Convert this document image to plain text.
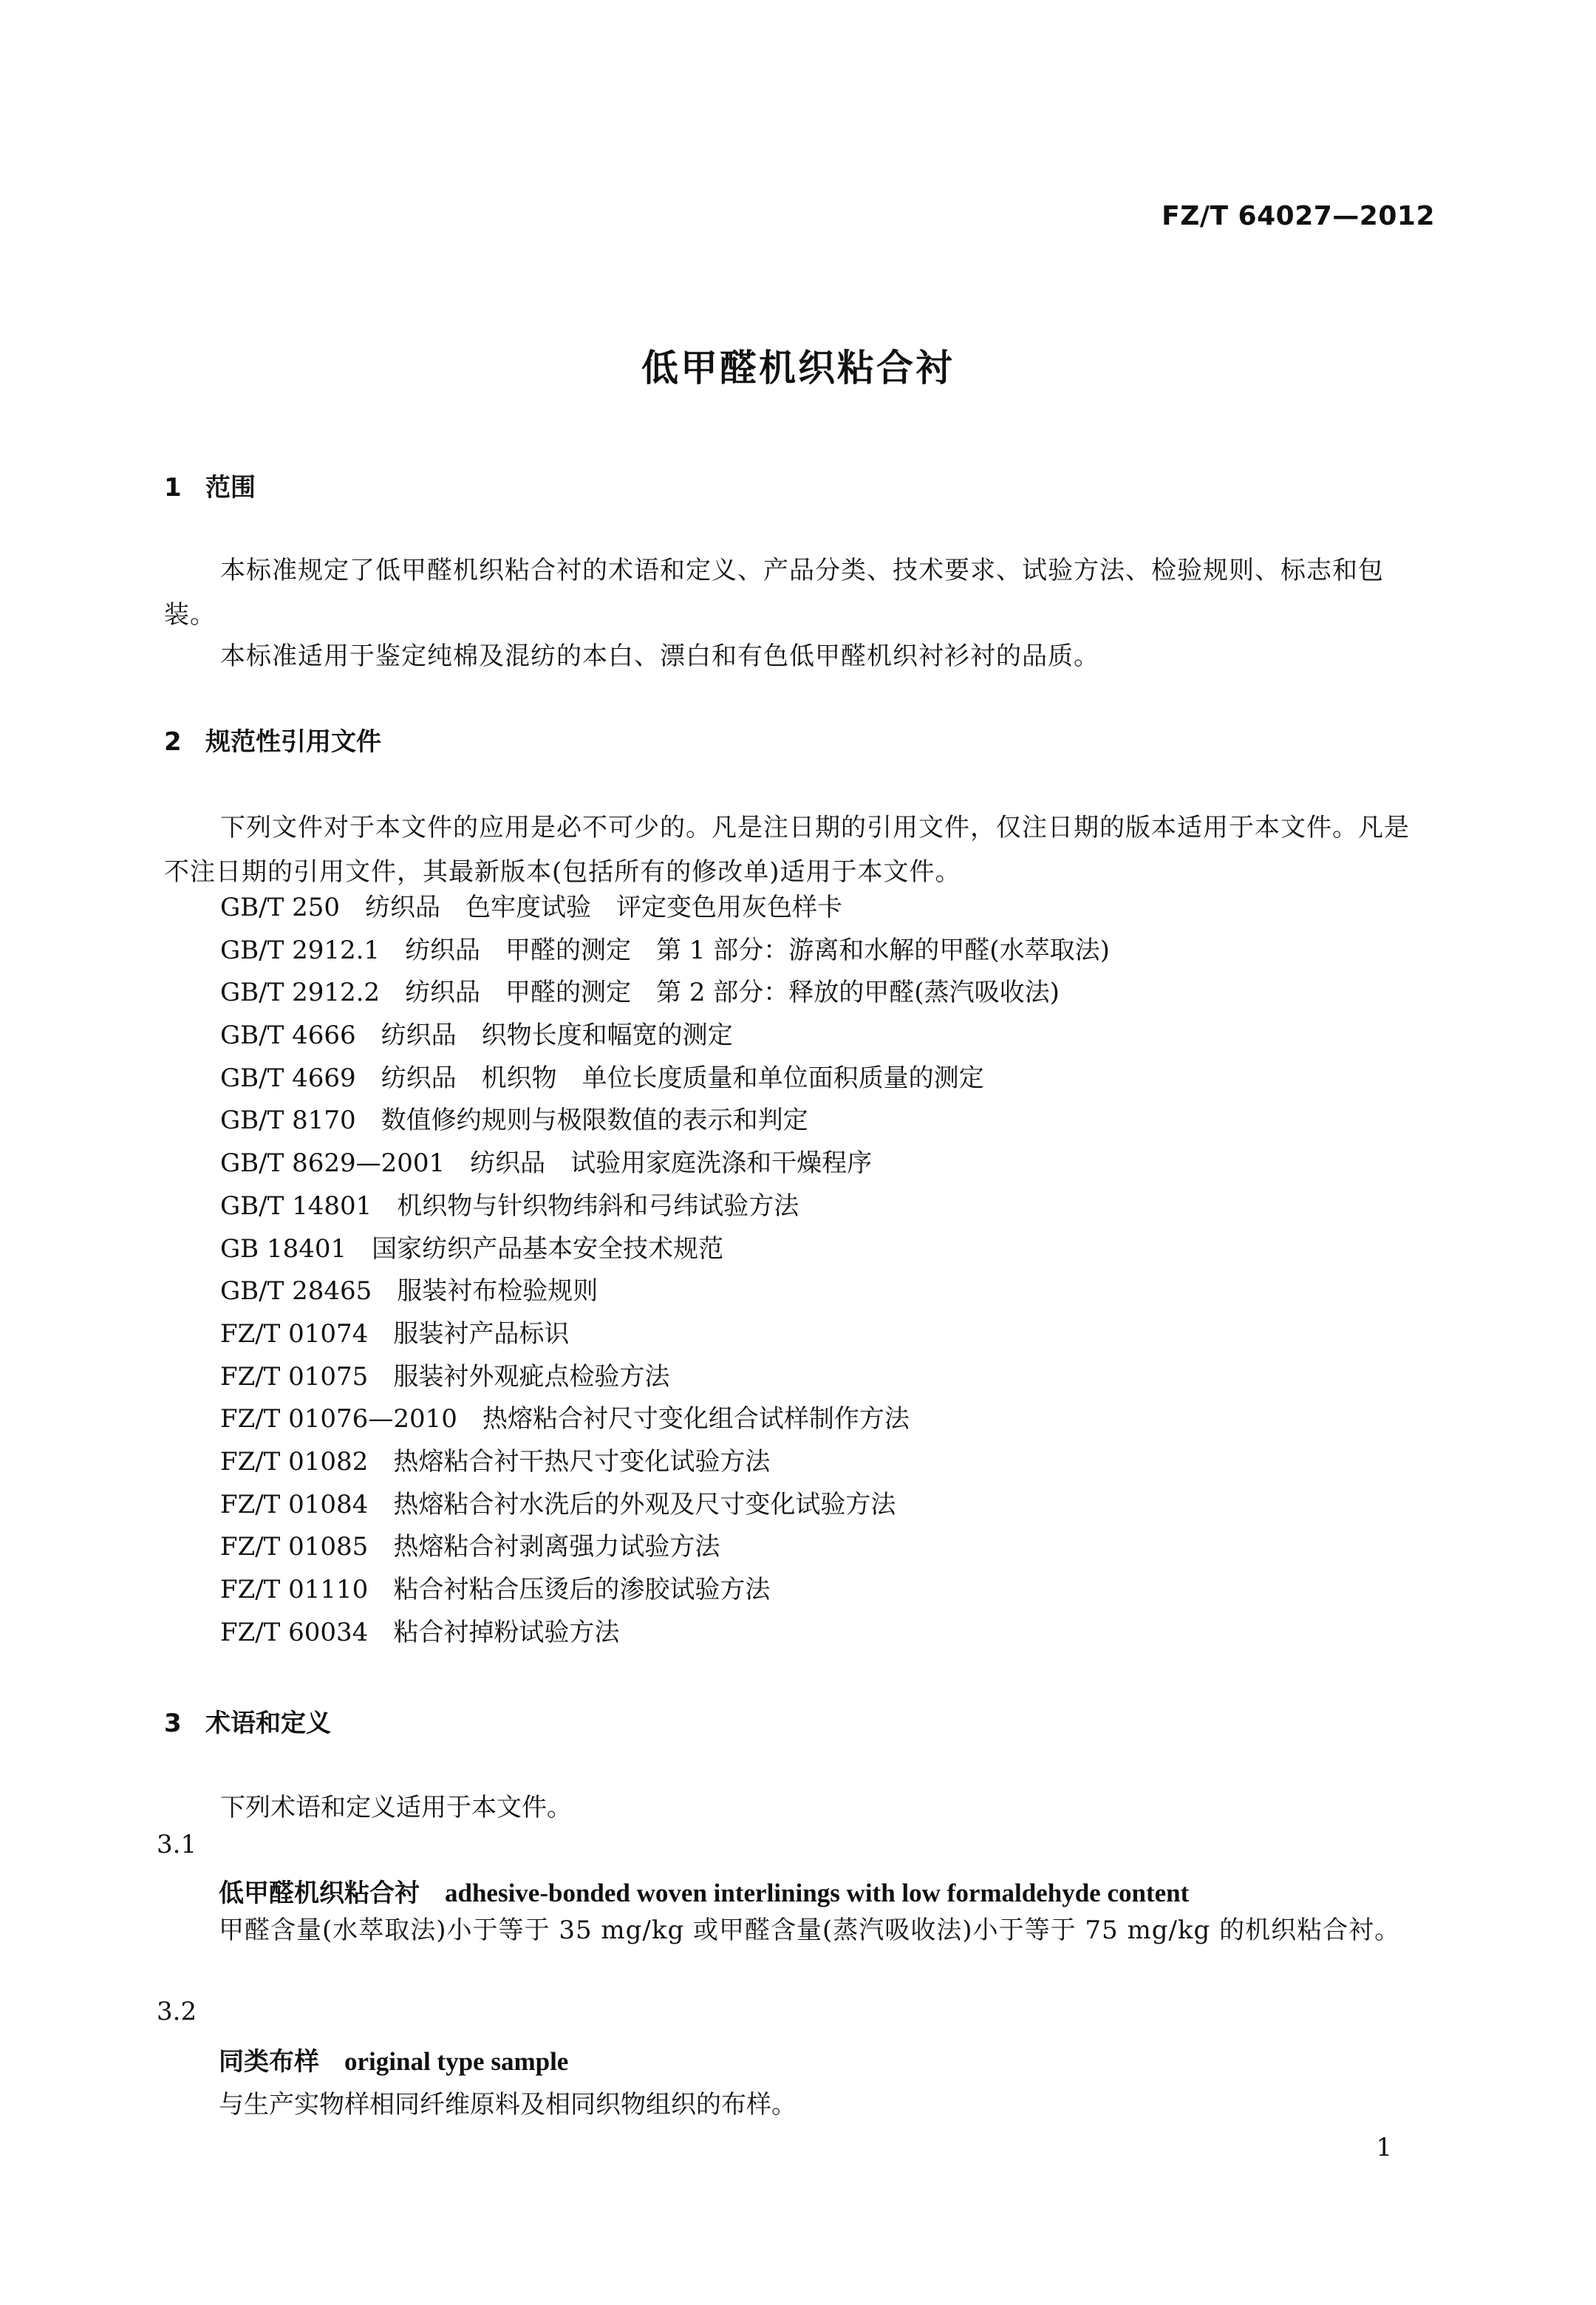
FZ/T 64027—2012
低甲醛机织粘合衬
1 范围
本标准规定了低甲醛机织粘合衬的术语和定义、产品分类、技术要求、试验方法、检验规则、标志和包装。
本标准适用于鉴定纯棉及混纺的本白、漂白和有色低甲醛机织衬衫衬的品质。
2 规范性引用文件
下列文件对于本文件的应用是必不可少的。凡是注日期的引用文件，仅注日期的版本适用于本文件。凡是不注日期的引用文件，其最新版本(包括所有的修改单)适用于本文件。
GB/T 250 纺织品　色牢度试验　评定变色用灰色样卡
GB/T 2912.1 纺织品　甲醛的测定　第 1 部分：游离和水解的甲醛(水萃取法)
GB/T 2912.2 纺织品　甲醛的测定　第 2 部分：释放的甲醛(蒸汽吸收法)
GB/T 4666 纺织品　织物长度和幅宽的测定
GB/T 4669 纺织品　机织物　单位长度质量和单位面积质量的测定
GB/T 8170 数值修约规则与极限数值的表示和判定
GB/T 8629—2001 纺织品　试验用家庭洗涤和干燥程序
GB/T 14801 机织物与针织物纬斜和弓纬试验方法
GB 18401 国家纺织产品基本安全技术规范
GB/T 28465 服装衬布检验规则
FZ/T 01074 服装衬产品标识
FZ/T 01075 服装衬外观疵点检验方法
FZ/T 01076—2010 热熔粘合衬尺寸变化组合试样制作方法
FZ/T 01082 热熔粘合衬干热尺寸变化试验方法
FZ/T 01084 热熔粘合衬水洗后的外观及尺寸变化试验方法
FZ/T 01085 热熔粘合衬剥离强力试验方法
FZ/T 01110 粘合衬粘合压烫后的渗胶试验方法
FZ/T 60034 粘合衬掉粉试验方法
3 术语和定义
下列术语和定义适用于本文件。
3.1
低甲醛机织粘合衬 adhesive-bonded woven interlinings with low formaldehyde content
甲醛含量(水萃取法)小于等于 35 mg/kg 或甲醛含量(蒸汽吸收法)小于等于 75 mg/kg 的机织粘合衬。
3.2
同类布样 original type sample
与生产实物样相同纤维原料及相同织物组织的布样。
1
